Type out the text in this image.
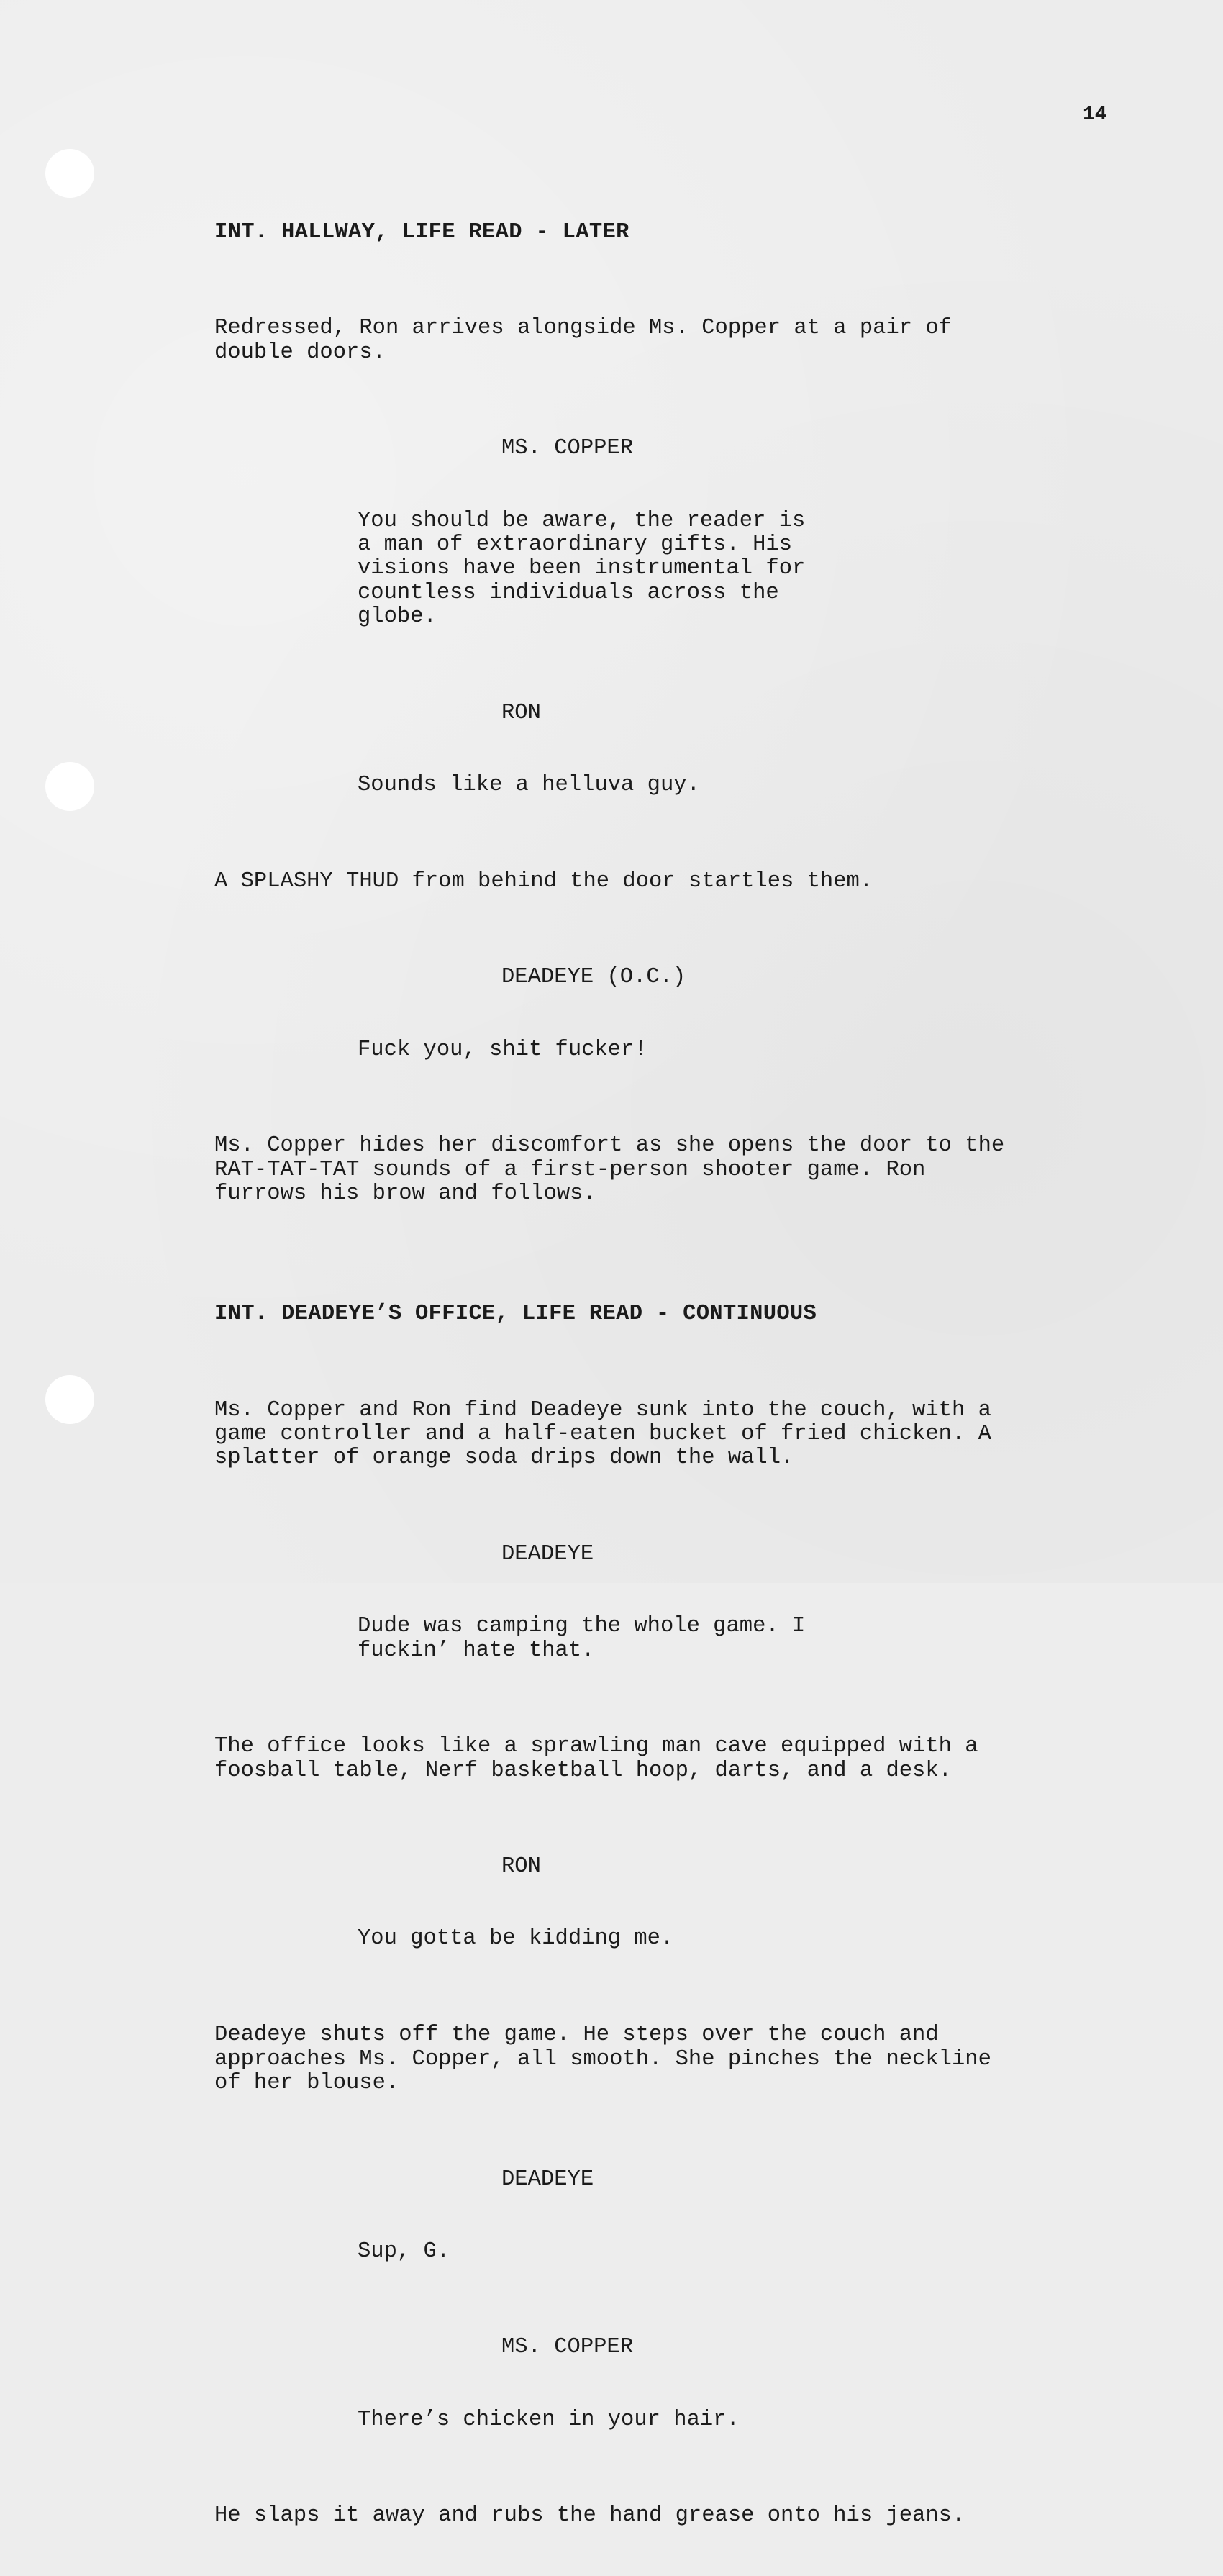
14

INT. HALLWAY, LIFE READ - LATER

Redressed, Ron arrives alongside Ms. Copper at a pair of
double doors.

MS. COPPER

You should be aware, the reader is
a man of extraordinary gifts. His
visions have been instrumental for
countless individuals across the
globe.

RON

Sounds like a helluva guy.

A SPLASHY THUD from behind the door startles them.

DEADEYE (O.C.)

Fuck you, shit fucker!

Ms. Copper hides her discomfort as she opens the door to the
RAT-TAT-TAT sounds of a first-person shooter game. Ron
furrows his brow and follows.

INT. DEADEYE’S OFFICE, LIFE READ - CONTINUOUS

Ms. Copper and Ron find Deadeye sunk into the couch, with a
game controller and a half-eaten bucket of fried chicken. A
splatter of orange soda drips down the wall.

DEADEYE

Dude was camping the whole game. I
fuckin’ hate that.

The office looks like a sprawling man cave equipped with a
foosball table, Nerf basketball hoop, darts, and a desk.

RON

You gotta be kidding me.

Deadeye shuts off the game. He steps over the couch and
approaches Ms. Copper, all smooth. She pinches the neckline
of her blouse.

DEADEYE

Sup, G.

MS. COPPER

There’s chicken in your hair.

He slaps it away and rubs the hand grease onto his jeans.
